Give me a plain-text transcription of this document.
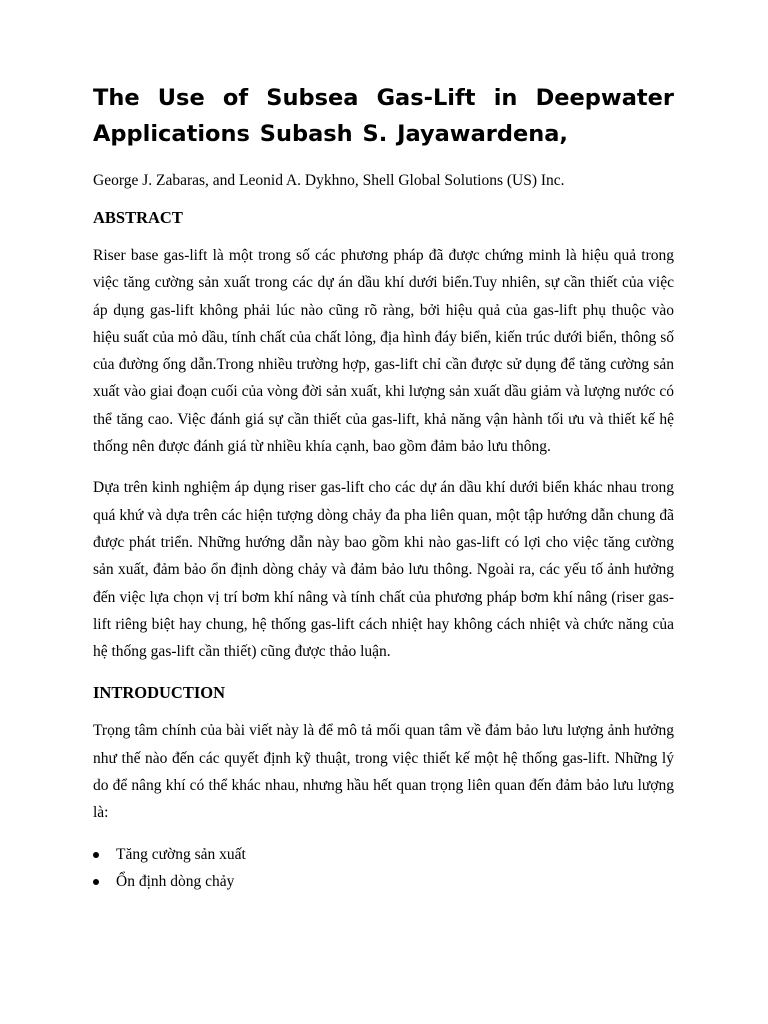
The Use of Subsea Gas-Lift in Deepwater Applications Subash S. Jayawardena,

George J. Zabaras, and Leonid A. Dykhno, Shell Global Solutions (US) Inc.

ABSTRACT

Riser base gas-lift là một trong số các phương pháp đã được chứng minh là hiệu quả trong việc tăng cường sản xuất trong các dự án dầu khí dưới biển.Tuy nhiên, sự cần thiết của việc áp dụng gas-lift không phải lúc nào cũng rõ ràng, bởi hiệu quả của gas-lift phụ thuộc vào hiệu suất của mỏ dầu, tính chất của chất lỏng, địa hình đáy biển, kiến trúc dưới biển, thông số của đường ống dẫn.Trong nhiều trường hợp, gas-lift chỉ cần được sử dụng để tăng cường sản xuất vào giai đoạn cuối của vòng đời sản xuất, khi lượng sản xuất dầu giảm và lượng nước có thể tăng cao. Việc đánh giá sự cần thiết của gas-lift, khả năng vận hành tối ưu và thiết kế hệ thống nên được đánh giá từ nhiều khía cạnh, bao gồm đảm bảo lưu thông.

Dựa trên kinh nghiệm áp dụng riser gas-lift cho các dự án dầu khí dưới biển khác nhau trong quá khứ và dựa trên các hiện tượng dòng chảy đa pha liên quan, một tập hướng dẫn chung đã được phát triển. Những hướng dẫn này bao gồm khi nào gas-lift có lợi cho việc tăng cường sản xuất, đảm bảo ổn định dòng chảy và đảm bảo lưu thông. Ngoài ra, các yếu tố ảnh hưởng đến việc lựa chọn vị trí bơm khí nâng và tính chất của phương pháp bơm khí nâng (riser gas-lift riêng biệt hay chung, hệ thống gas-lift cách nhiệt hay không cách nhiệt và chức năng của hệ thống gas-lift cần thiết) cũng được thảo luận.

INTRODUCTION

Trọng tâm chính của bài viết này là để mô tả mối quan tâm về đảm bảo lưu lượng ảnh hưởng như thế nào đến các quyết định kỹ thuật, trong việc thiết kế một hệ thống gas-lift. Những lý do để nâng khí có thể khác nhau, nhưng hầu hết quan trọng liên quan đến đảm bảo lưu lượng là:

Tăng cường sản xuất
Ổn định dòng chảy
